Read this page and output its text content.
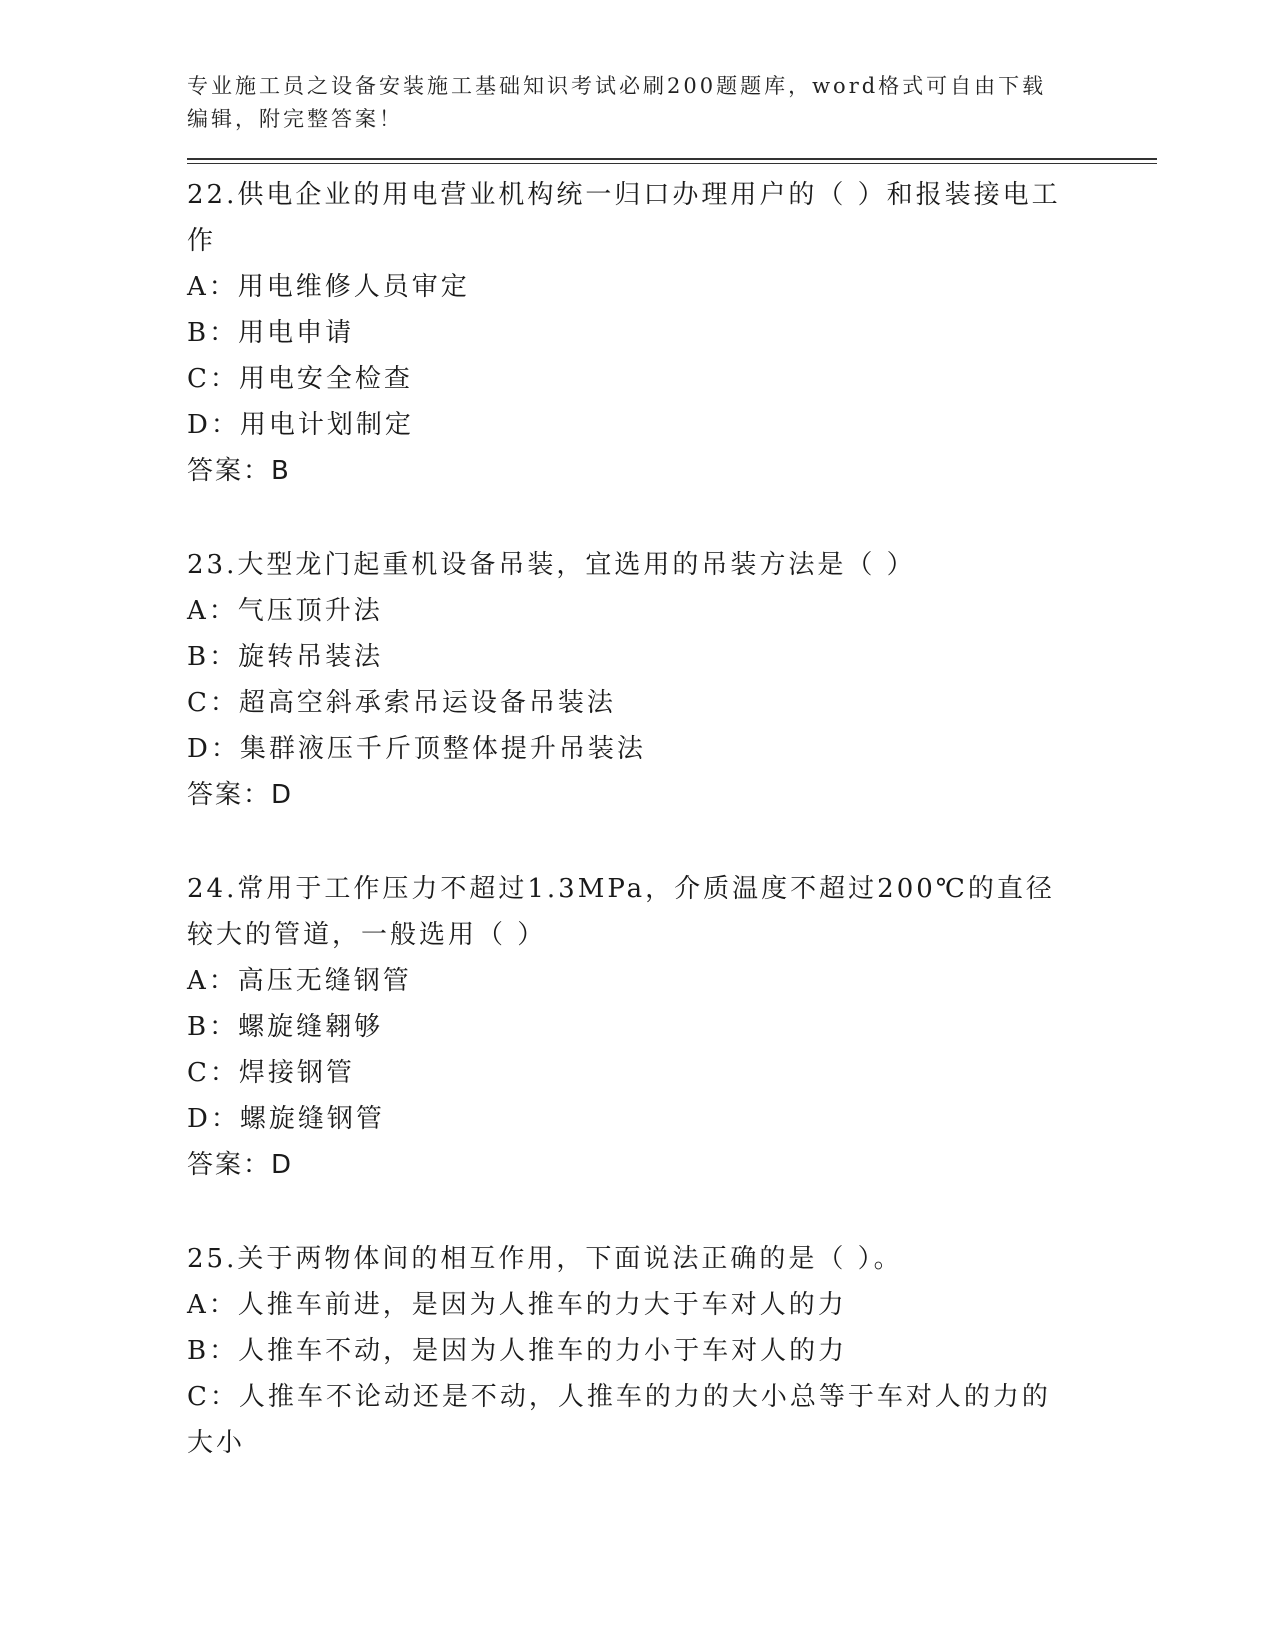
专业施工员之设备安装施工基础知识考试必刷200题题库，word格式可自由下载编辑，附完整答案！

22.供电企业的用电营业机构统一归口办理用户的（ ）和报装接电工作

A：用电维修人员审定

B：用电申请

C：用电安全检查

D：用电计划制定

答案：B

23.大型龙门起重机设备吊装，宜选用的吊装方法是（ ）

A：气压顶升法

B：旋转吊装法

C：超高空斜承索吊运设备吊装法

D：集群液压千斤顶整体提升吊装法

答案：D

24.常用于工作压力不超过1.3MPa，介质温度不超过200℃的直径较大的管道，一般选用（ ）

A：高压无缝钢管

B：螺旋缝翱够

C：焊接钢管

D：螺旋缝钢管

答案：D

25.关于两物体间的相互作用，下面说法正确的是（ ）。

A：人推车前进，是因为人推车的力大于车对人的力

B：人推车不动，是因为人推车的力小于车对人的力

C：人推车不论动还是不动，人推车的力的大小总等于车对人的力的大小
